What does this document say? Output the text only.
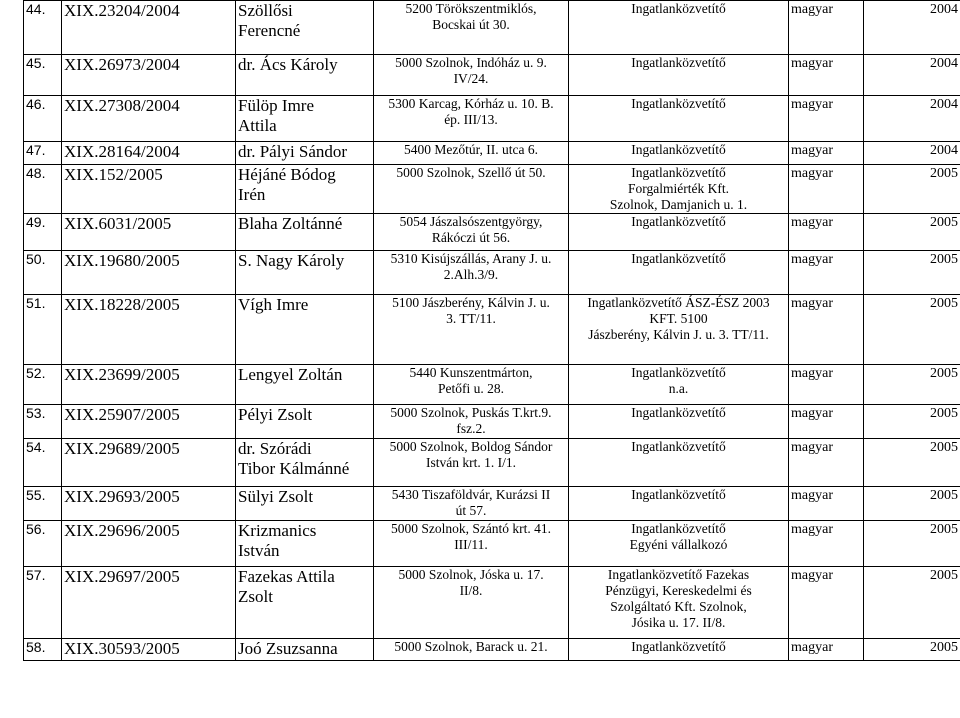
44.	XIX.23204/2004	Szöllősi
Ferencné	5200 Törökszentmiklós,
Bocskai út 30.	Ingatlanközvetítő	magyar	2004
45.	XIX.26973/2004	dr. Ács Károly	5000 Szolnok, Indóház u. 9.
IV/24.	Ingatlanközvetítő	magyar	2004
46.	XIX.27308/2004	Fülöp Imre
Attila	5300 Karcag, Kórház u. 10. B.
ép. III/13.	Ingatlanközvetítő	magyar	2004
47.	XIX.28164/2004	dr. Pályi Sándor	5400 Mezőtúr, II. utca 6.	Ingatlanközvetítő	magyar	2004
48.	XIX.152/2005	Héjáné Bódog
Irén	5000 Szolnok, Szellő út 50.	Ingatlanközvetítő
Forgalmiérték Kft.
Szolnok, Damjanich u. 1.	magyar	2005
49.	XIX.6031/2005	Blaha Zoltánné	5054 Jászalsószentgyörgy,
Rákóczi út 56.	Ingatlanközvetítő	magyar	2005
50.	XIX.19680/2005	S. Nagy Károly	5310 Kisújszállás, Arany J. u.
2.Alh.3/9.	Ingatlanközvetítő	magyar	2005
51.	XIX.18228/2005	Vígh Imre	5100 Jászberény, Kálvin J. u.
3. TT/11.	Ingatlanközvetítő ÁSZ-ÉSZ 2003
KFT. 5100
Jászberény, Kálvin J. u. 3. TT/11.	magyar	2005
52.	XIX.23699/2005	Lengyel Zoltán	5440 Kunszentmárton,
Petőfi u. 28.	Ingatlanközvetítő
n.a.	magyar	2005
53.	XIX.25907/2005	Pélyi Zsolt	5000 Szolnok, Puskás T.krt.9.
fsz.2.	Ingatlanközvetítő	magyar	2005
54.	XIX.29689/2005	dr. Szórádi
Tibor Kálmánné	5000 Szolnok, Boldog Sándor
István krt. 1. I/1.	Ingatlanközvetítő	magyar	2005
55.	XIX.29693/2005	Sülyi Zsolt	5430 Tiszaföldvár, Kurázsi II
út 57.	Ingatlanközvetítő	magyar	2005
56.	XIX.29696/2005	Krizmanics
István	5000 Szolnok, Szántó krt. 41.
III/11.	Ingatlanközvetítő
Egyéni vállalkozó	magyar	2005
57.	XIX.29697/2005	Fazekas Attila
Zsolt	5000 Szolnok, Jóska u. 17.
II/8.	Ingatlanközvetítő Fazekas
Pénzügyi, Kereskedelmi és
Szolgáltató Kft. Szolnok,
Jósika u. 17. II/8.	magyar	2005
58.	XIX.30593/2005	Joó Zsuzsanna	5000 Szolnok, Barack u. 21.	Ingatlanközvetítő	magyar	2005
